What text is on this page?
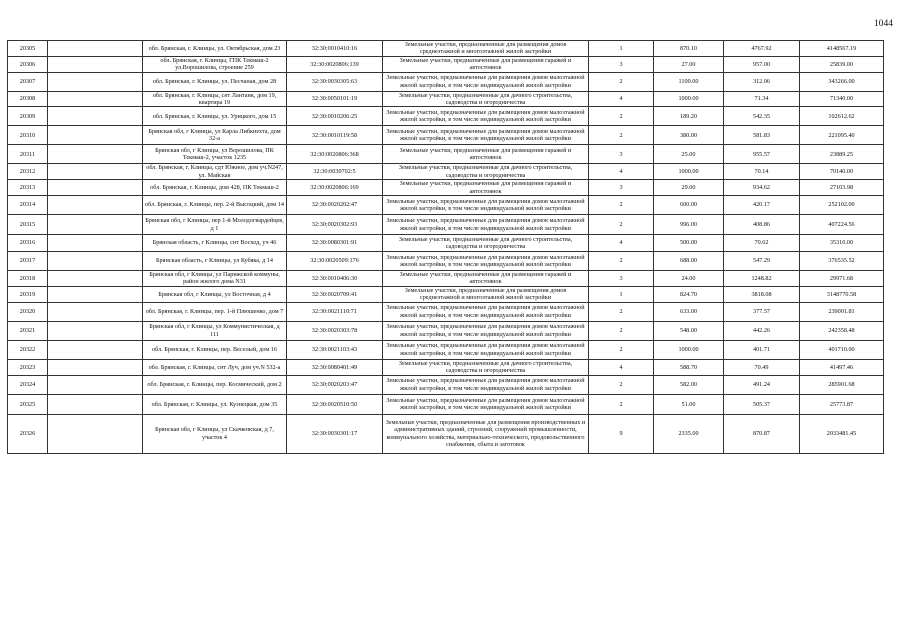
1044
20305		обл. Брянская, г. Клинцы, ул. Октябрьская, дом 23	32:30:0010410:16	Земельные участки, предназначенные для размещения домов среднеэтажной и многоэтажной жилой застройки	1	870.10	4767.92	4148567.19
20306		обл. Брянская, г. Клинцы, ГПК Текмаш-2 ул.Ворошилова, строение 259	32:30:0020806:139	Земельные участки, предназначенные для размещения гаражей и автостоянок	3	27.00	957.00	25839.00
20307		обл. Брянская, г. Клинцы, ул. Песчаная, дом 28	32:30:0030305:63	Земельные участки, предназначенные для размещения домов малоэтажной жилой застройки, в том числе индивидуальной жилой застройки	2	1100.00	312.06	343266.00
20308		обл. Брянская, г. Клинцы, снт Лантанк, дом 19, квартира 19	32:30:0050101:19	Земельные участки, предназначенные для дачного строительства, садоводства и огородничества	4	1000.00	71.34	71340.00
20309		обл. Брянская, г. Клинцы, ул. Урицкого, дом 15	32:30:0010206:25	Земельные участки, предназначенные для размещения домов малоэтажной жилой застройки, в том числе индивидуальной жилой застройки	2	189.20	542.35	102612.62
20310		Брянская обл, г Клинцы, ул Карла Либкнехта, дом 32-а	32:30:0010119:58	Земельные участки, предназначенные для размещения домов малоэтажной жилой застройки, в том числе индивидуальной жилой застройки	2	380.00	581.83	221095.40
20311		Брянская обл, г Клинцы, ул Ворошилова, ПК Текмаш-2, участок 1235	32:30:0020806:368	Земельные участки, предназначенные для размещения гаражей и автостоянок	3	25.00	955.57	23889.25
20312		обл. Брянская, г. Клинцы, сдт Южное, дом уч.N247, ул. Майская	32:30:0030702:5	Земельные участки, предназначенные для дачного строительства, садоводства и огородничества	4	1000.00	70.14	70140.00
20313		обл. Брянская, г. Клинцы, дом 428, ПК Текмаш-2	32:30:0020806:169	Земельные участки, предназначенные для размещения гаражей и автостоянок	3	29.00	934.62	27103.98
20314		обл. Брянская, г. Клинцы, пер. 2-й Высоцкий, дом 14	32:30:0020202:47	Земельные участки, предназначенные для размещения домов малоэтажной жилой застройки, в том числе индивидуальной жилой застройки	2	600.00	420.17	252102.00
20315		Брянская обл, г Клинцы, пер 1-й Молодогвардейцев, д 1	32:30:0020302:93	Земельные участки, предназначенные для размещения домов малоэтажной жилой застройки, в том числе индивидуальной жилой застройки	2	996.00	408.86	407224.56
20316		Брянская область, г Клинцы, снт Восход, уч 46	32:30:0080301:91	Земельные участки, предназначенные для дачного строительства, садоводства и огородничества	4	500.00	70.62	35310.00
20317		Брянская область, г Клинцы, ул Кубяка, д 14	32:30:0020509:176	Земельные участки, предназначенные для размещения домов малоэтажной жилой застройки, в том числе индивидуальной жилой застройки	2	688.00	547.29	376535.52
20318		Брянская обл, г Клинцы, ул Парижской коммуны, район жилого дома N31	32:30:0010406:30	Земельные участки, предназначенные для размещения гаражей и автостоянок	3	24.00	1248.82	29971.68
20319		Брянская обл, г Клинцы, ул Восточная, д 4	32:30:0020709:41	Земельные участки, предназначенные для размещения домов среднеэтажной и многоэтажной жилой застройки	1	824.70	3818.08	3148770.58
20320		обл. Брянская, г. Клинцы, пер. 1-й Плюшенко, дом 7	32:30:0021110:71	Земельные участки, предназначенные для размещения домов малоэтажной жилой застройки, в том числе индивидуальной жилой застройки	2	633.00	377.57	239001.81
20321		Брянская обл, г Клинцы, ул Коммунистическая, д 111	32:30:0020303:78	Земельные участки, предназначенные для размещения домов малоэтажной жилой застройки, в том числе индивидуальной жилой застройки	2	548.00	442.26	242358.48
20322		обл. Брянская, г. Клинцы, пер. Веселый, дом 16	32:30:0021103:43	Земельные участки, предназначенные для размещения домов малоэтажной жилой застройки, в том числе индивидуальной жилой застройки	2	1000.00	401.71	401710.00
20323		обл. Брянская, г. Клинцы, снт Луч, дом уч.N 532-а	32:30:0080401:49	Земельные участки, предназначенные для дачного строительства, садоводства и огородничества	4	588.70	70.49	41497.46
20324		обл. Брянская, г. Клинцы, пер. Космический, дом 2	32:30:0020203:47	Земельные участки, предназначенные для размещения домов малоэтажной жилой застройки, в том числе индивидуальной жилой застройки	2	582.00	491.24	285901.68
20325		обл. Брянская, г. Клинцы, ул. Кузнецкая, дом 35	32:30:0020510:50	Земельные участки, предназначенные для размещения домов малоэтажной жилой застройки, в том числе индивидуальной жилой застройки	2	51.00	505.37	25773.87
20326		Брянская обл, г Клинцы, ул Скачковская, д 7, участок 4	32:30:0030301:17	Земельные участки, предназначенные для размещения производственных и административных зданий, строений, сооружений промышленности, коммунального хозяйства, материально-технического, продовольственного снабжения, сбыта и заготовок	9	2335.00	870.87	2033481.45
